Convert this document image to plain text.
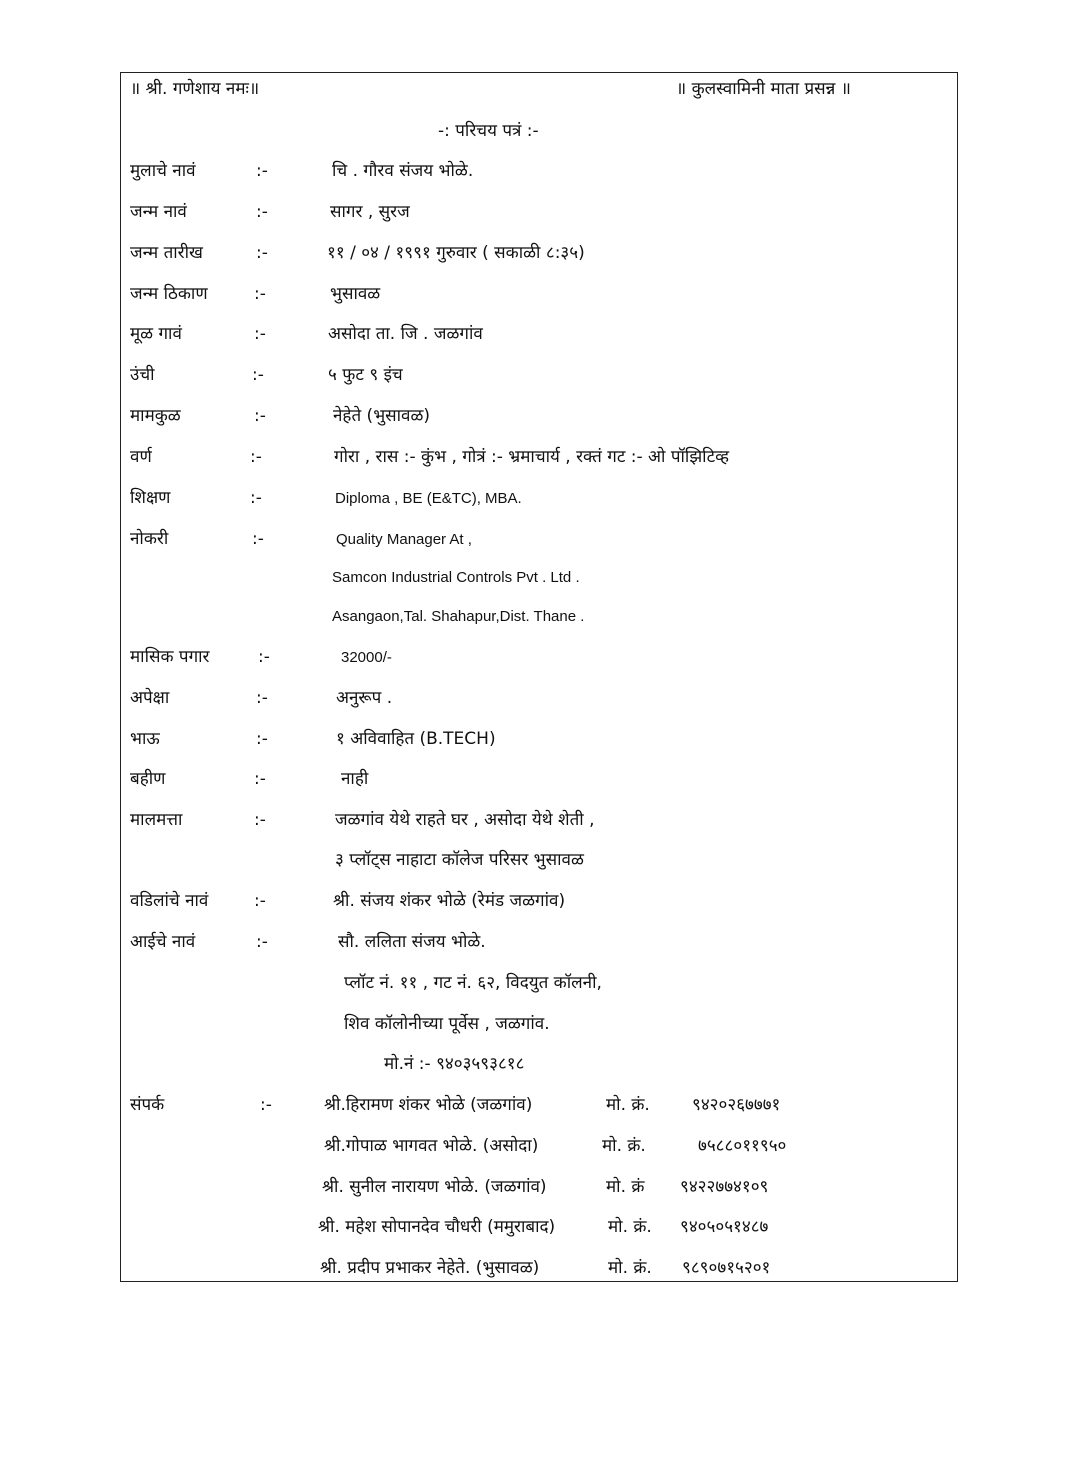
॥ श्री. गणेशाय नमः॥	॥ कुलस्वामिनी माता प्रसन्न ॥
-: परिचय पत्रं :-
मुलाचे नावं	:-	चि . गौरव संजय भोळे.
जन्म नावं	:-	सागर , सुरज
जन्म तारीख	:-	११ / ०४ / १९९१ गुरुवार ( सकाळी ८:३५)
जन्म ठिकाण	:-	भुसावळ
मूळ गावं	:-	असोदा ता. जि . जळगांव
उंची	:-	५ फुट ९ इंच
मामकुळ	:-	नेहेते (भुसावळ)
वर्ण	:-	गोरा , रास :- कुंभ , गोत्रं :- भ्रमाचार्य , रक्तं गट :- ओ पॉझिटिव्ह
शिक्षण	:-	Diploma , BE (E&TC), MBA.
नोकरी	:-	Quality Manager At ,
Samcon Industrial Controls Pvt . Ltd .
Asangaon,Tal. Shahapur,Dist. Thane .
मासिक पगार	:-	32000/-
अपेक्षा	:-	अनुरूप .
भाऊ	:-	१ अविवाहित (B.TECH)
बहीण	:-	नाही
मालमत्ता	:-	जळगांव येथे राहते घर , असोदा येथे शेती ,
३ प्लॉट्स नाहाटा कॉलेज परिसर भुसावळ
वडिलांचे नावं	:-	श्री. संजय शंकर भोळे (रेमंड जळगांव)
आईचे नावं	:-	सौ. ललिता संजय भोळे.
प्लॉट नं. ११ , गट नं. ६२, विदयुत कॉलनी,
शिव कॉलोनीच्या पूर्वेस , जळगांव.
मो.नं :- ९४०३५९३८१८
संपर्क	:-	श्री.हिरामण शंकर भोळे (जळगांव)	मो. क्रं. ९४२०२६७७७१
श्री.गोपाळ भागवत भोळे. (असोदा)	मो. क्रं.	७५८८०११९५०
श्री. सुनील नारायण भोळे. (जळगांव)	मो. क्रं ९४२२७७४१०९
श्री. महेश सोपानदेव चौधरी (ममुराबाद)	मो. क्रं. ९४०५०५१४८७
श्री. प्रदीप प्रभाकर नेहेते. (भुसावळ)	मो. क्रं. ९८९०७१५२०१
